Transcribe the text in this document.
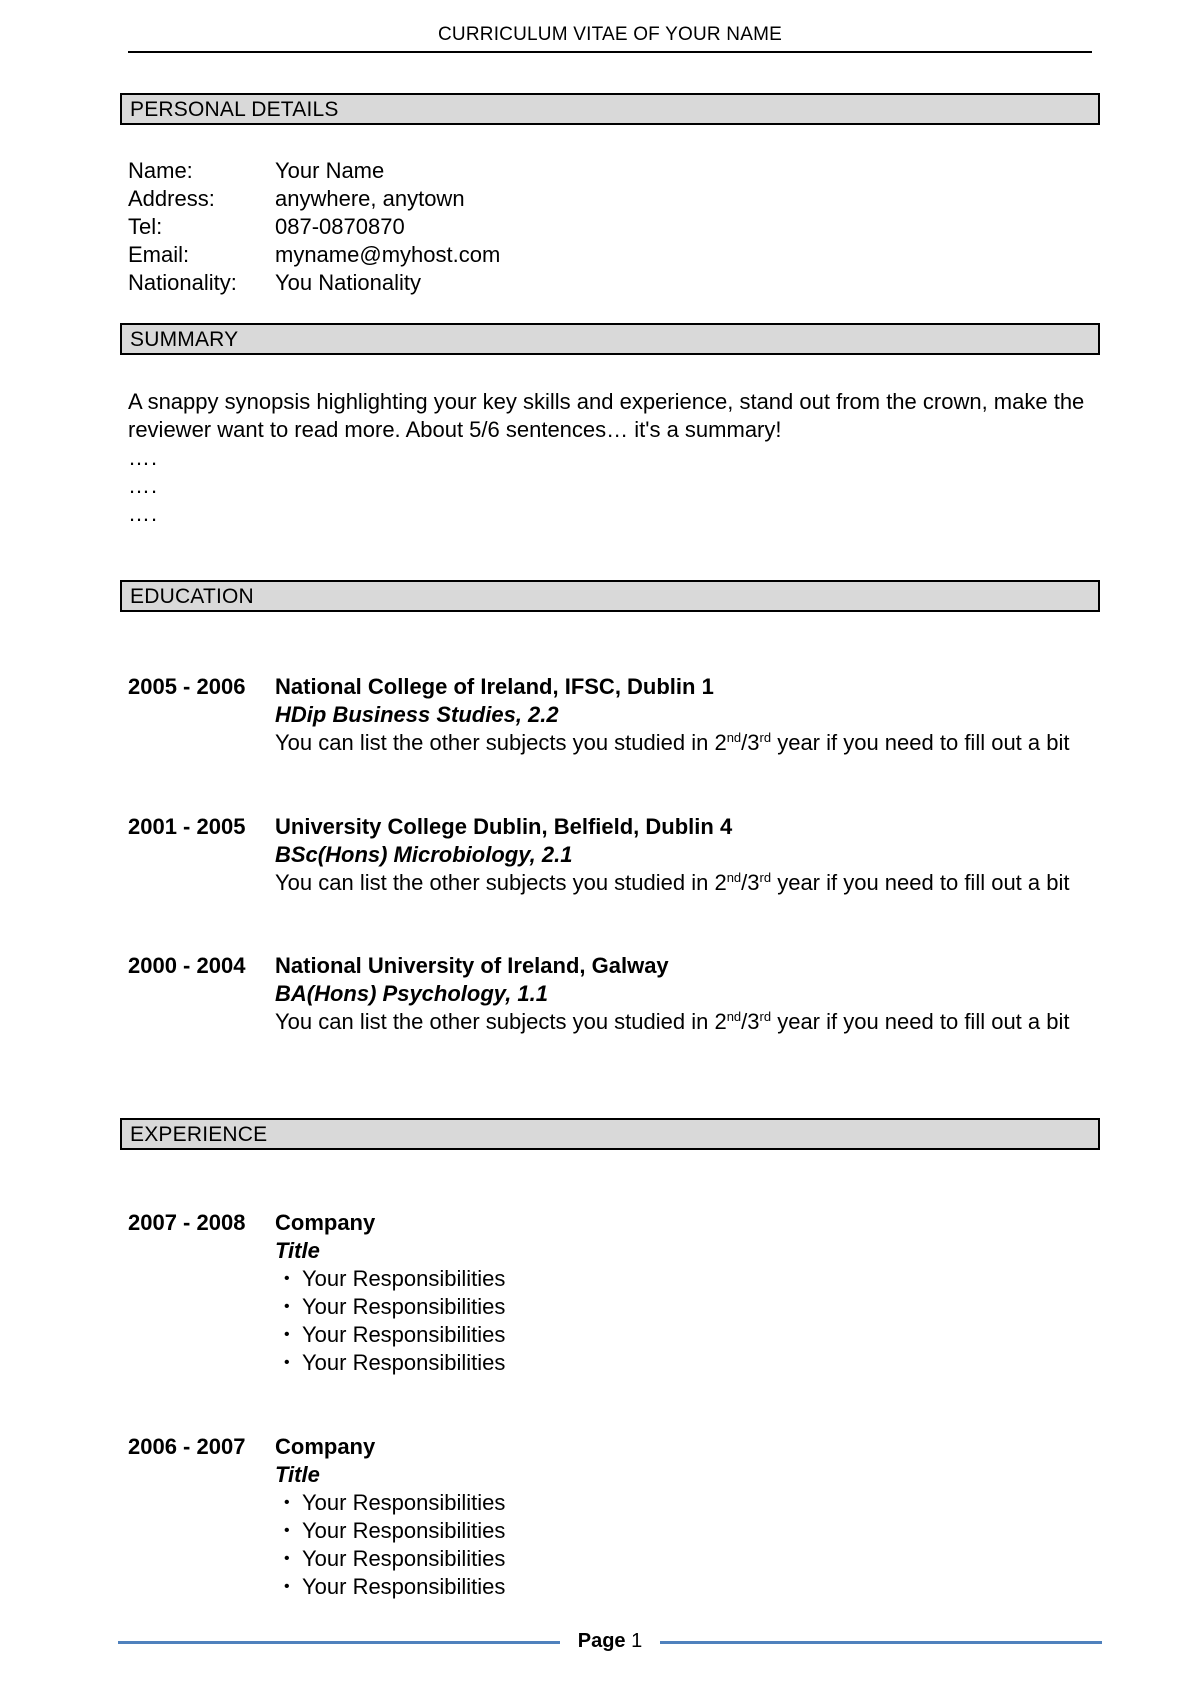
CURRICULUM VITAE OF YOUR NAME
PERSONAL DETAILS
Name:	Your Name
Address:	anywhere, anytown
Tel:	087-0870870
Email:	myname@myhost.com
Nationality:	You Nationality
SUMMARY
A snappy synopsis highlighting your key skills and experience, stand out from the crown, make the reviewer want to read more. About 5/6 sentences… it's a summary!
….
….
….
EDUCATION
2005 - 2006	National College of Ireland, IFSC, Dublin 1
HDip Business Studies, 2.2
You can list the other subjects you studied in 2nd/3rd year if you need to fill out a bit
2001 - 2005	University College Dublin, Belfield, Dublin 4
BSc(Hons) Microbiology, 2.1
You can list the other subjects you studied in 2nd/3rd year if you need to fill out a bit
2000 - 2004	National University of Ireland, Galway
BA(Hons) Psychology, 1.1
You can list the other subjects you studied in 2nd/3rd year if you need to fill out a bit
EXPERIENCE
2007 - 2008	Company
Title
• Your Responsibilities
• Your Responsibilities
• Your Responsibilities
• Your Responsibilities
2006 - 2007	Company
Title
• Your Responsibilities
• Your Responsibilities
• Your Responsibilities
• Your Responsibilities
Page 1
